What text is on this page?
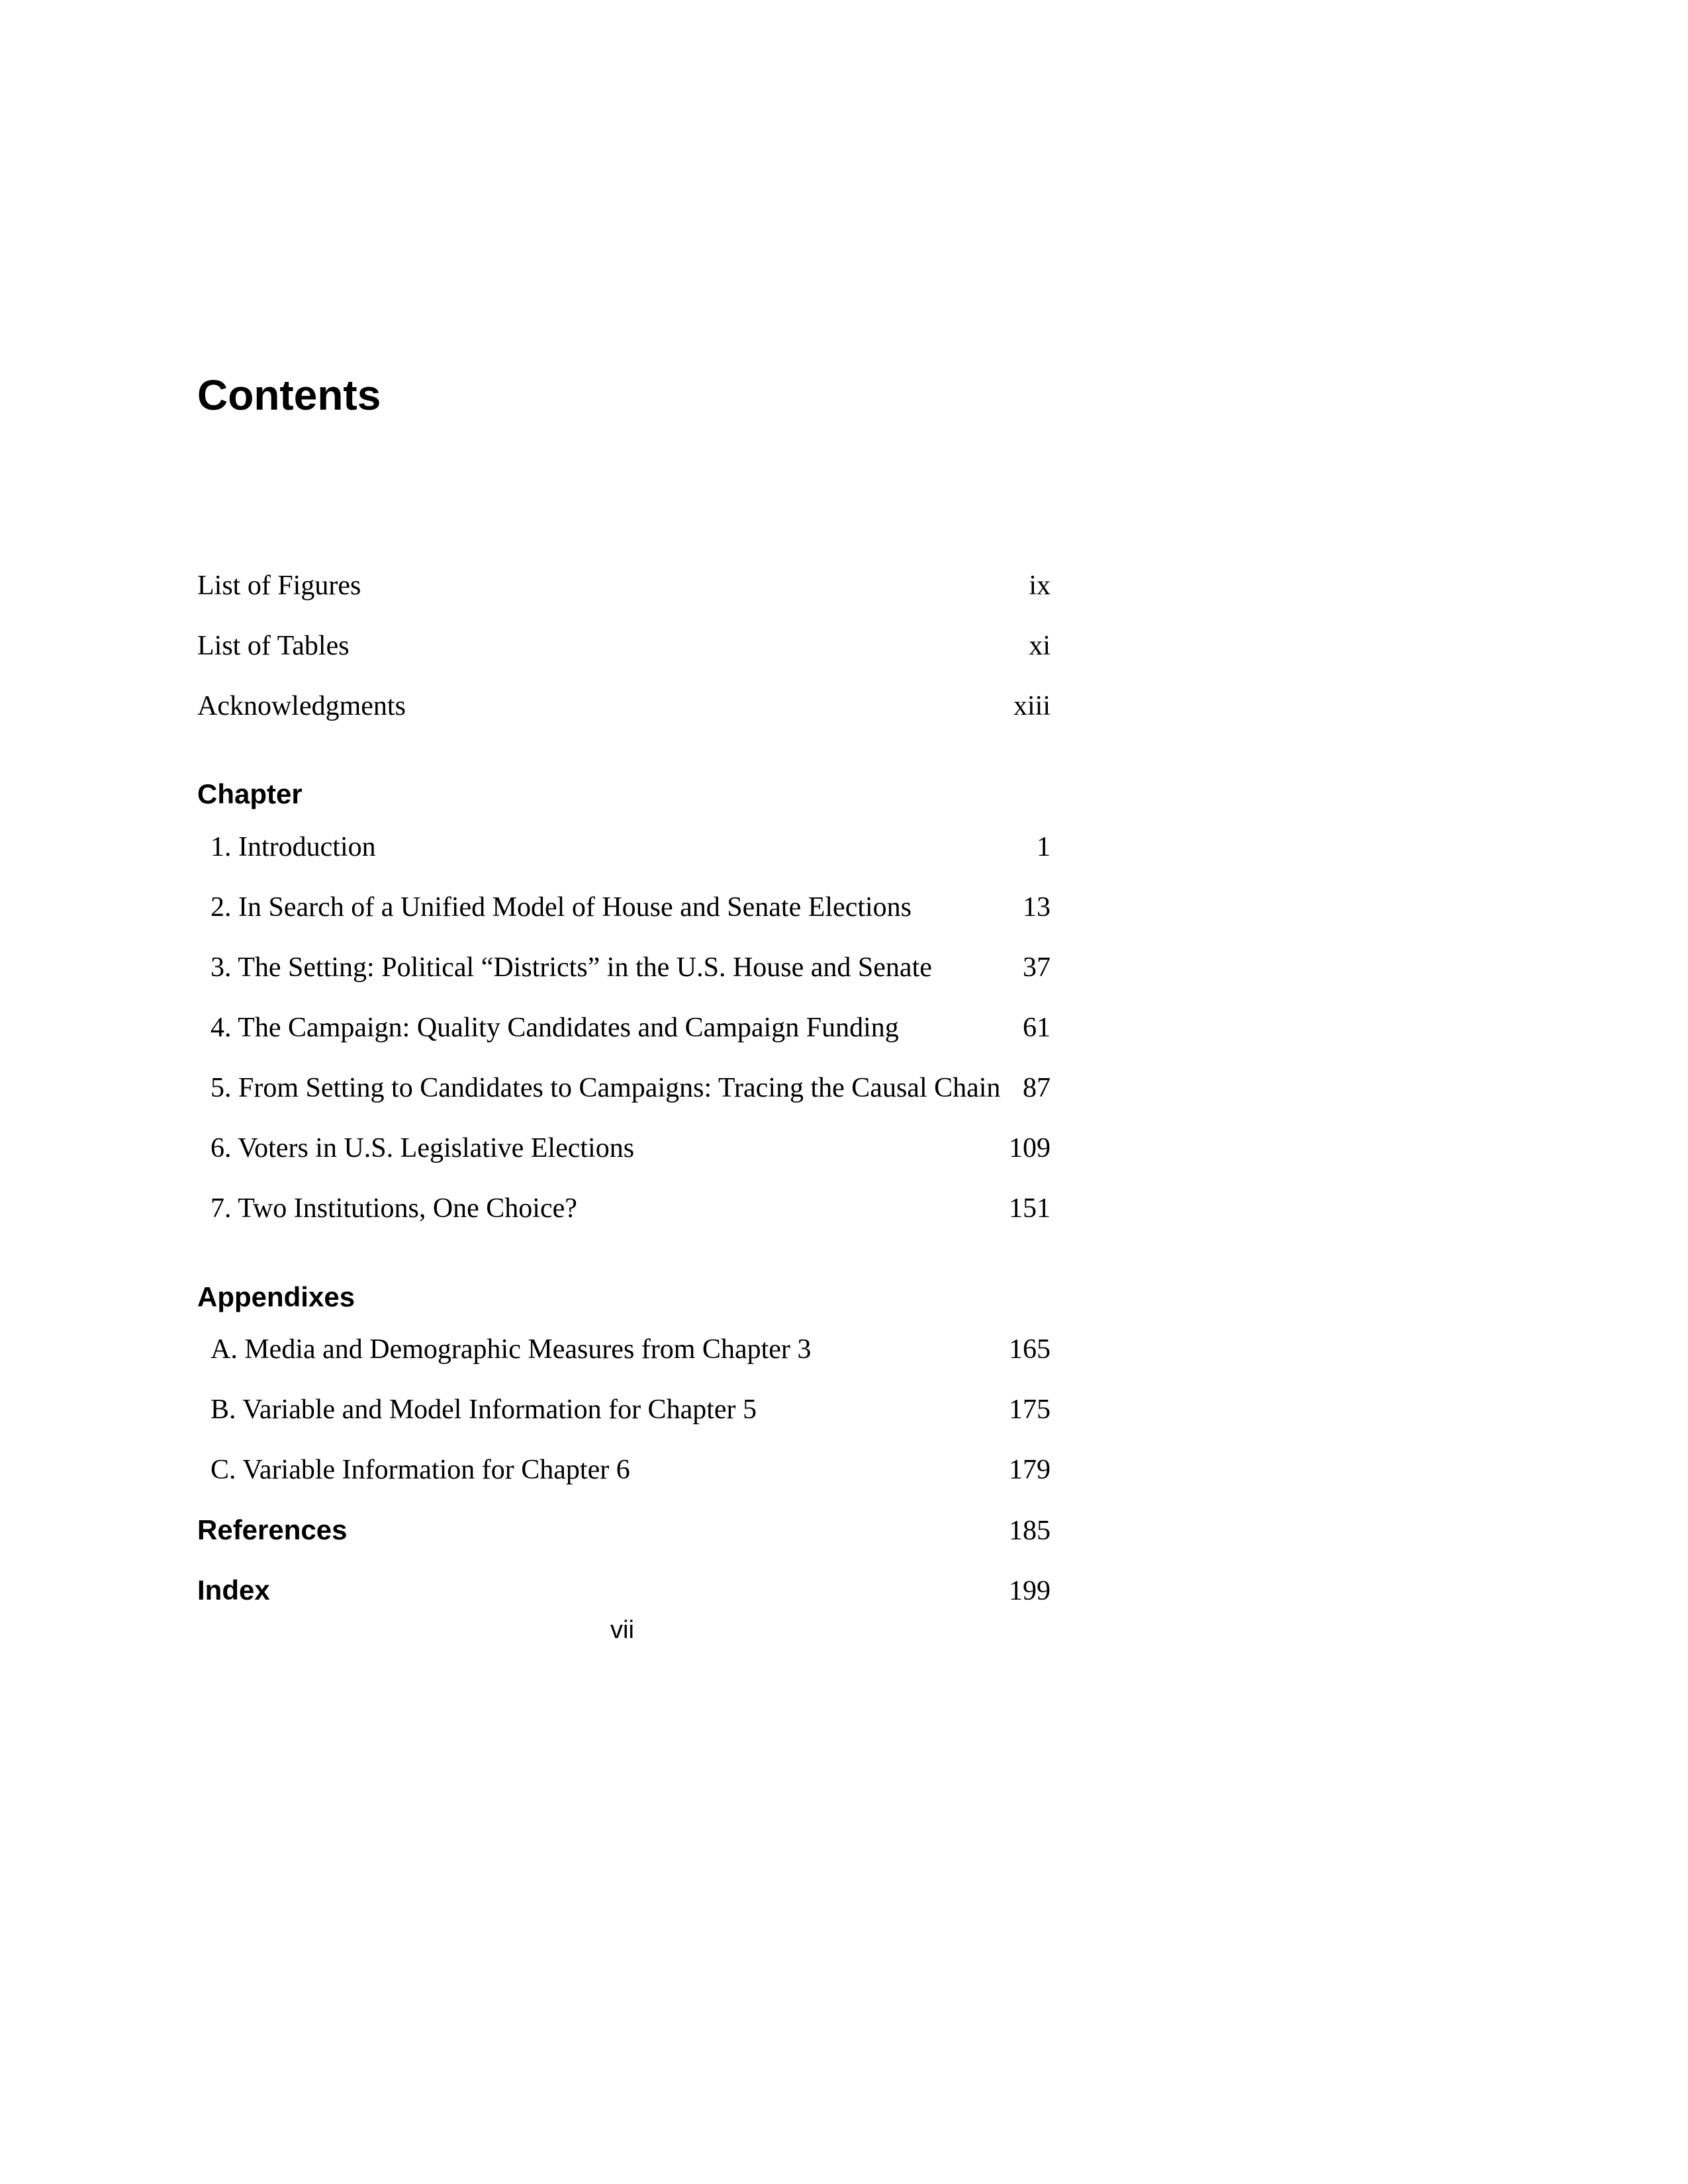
Contents
List of Figures	ix
List of Tables	xi
Acknowledgments	xiii
Chapter
1. Introduction	1
2. In Search of a Unified Model of House and Senate Elections	13
3. The Setting: Political “Districts” in the U.S. House and Senate	37
4. The Campaign: Quality Candidates and Campaign Funding	61
5. From Setting to Candidates to Campaigns: Tracing the Causal Chain 87
6. Voters in U.S. Legislative Elections	109
7. Two Institutions, One Choice?	151
Appendixes
A. Media and Demographic Measures from Chapter 3	165
B. Variable and Model Information for Chapter 5	175
C. Variable Information for Chapter 6	179
References	185
Index	199
vii
